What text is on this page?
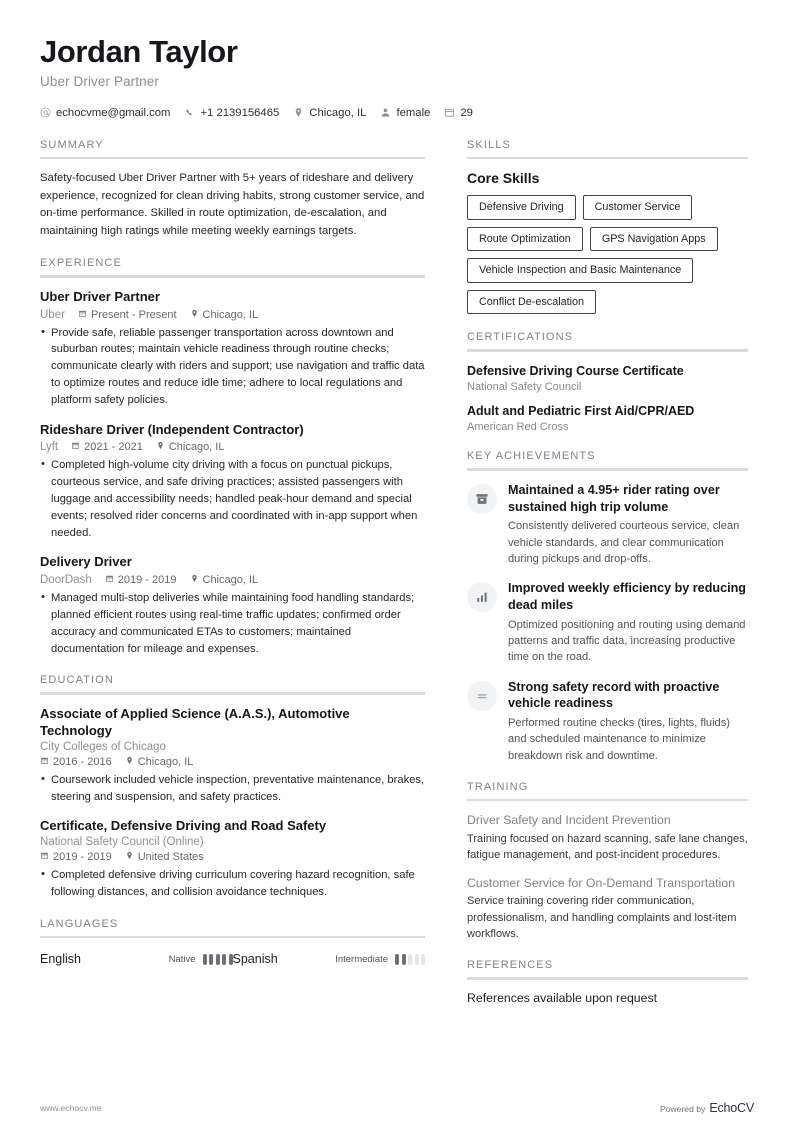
Jordan Taylor
Uber Driver Partner
echocvme@gmail.com	+1 2139156465	Chicago, IL	female	29
SUMMARY
Safety-focused Uber Driver Partner with 5+ years of rideshare and delivery experience, recognized for clean driving habits, strong customer service, and on-time performance. Skilled in route optimization, de-escalation, and maintaining high ratings while meeting weekly earnings targets.
EXPERIENCE
Uber Driver Partner
Uber Present - Present Chicago, IL
• Provide safe, reliable passenger transportation across downtown and suburban routes; maintain vehicle readiness through routine checks; communicate clearly with riders and support; use navigation and traffic data to optimize routes and reduce idle time; adhere to local regulations and platform safety policies.
Rideshare Driver (Independent Contractor)
Lyft 2021 - 2021 Chicago, IL
• Completed high-volume city driving with a focus on punctual pickups, courteous service, and safe driving practices; assisted passengers with luggage and accessibility needs; handled peak-hour demand and special events; resolved rider concerns and coordinated with in-app support when needed.
Delivery Driver
DoorDash 2019 - 2019 Chicago, IL
• Managed multi-stop deliveries while maintaining food handling standards; planned efficient routes using real-time traffic updates; confirmed order accuracy and communicated ETAs to customers; maintained documentation for mileage and expenses.
EDUCATION
Associate of Applied Science (A.A.S.), Automotive Technology
City Colleges of Chicago
2016 - 2016 Chicago, IL
• Coursework included vehicle inspection, preventative maintenance, brakes, steering and suspension, and safety practices.
Certificate, Defensive Driving and Road Safety
National Safety Council (Online)
2019 - 2019 United States
• Completed defensive driving curriculum covering hazard recognition, safe following distances, and collision avoidance techniques.
LANGUAGES
English	Native	Spanish	Intermediate
SKILLS
Core Skills
Defensive Driving	Customer Service
Route Optimization	GPS Navigation Apps
Vehicle Inspection and Basic Maintenance
Conflict De-escalation
CERTIFICATIONS
Defensive Driving Course Certificate
National Safety Council
Adult and Pediatric First Aid/CPR/AED
American Red Cross
KEY ACHIEVEMENTS
Maintained a 4.95+ rider rating over sustained high trip volume
Consistently delivered courteous service, clean vehicle standards, and clear communication during pickups and drop-offs.
Improved weekly efficiency by reducing dead miles
Optimized positioning and routing using demand patterns and traffic data, increasing productive time on the road.
Strong safety record with proactive vehicle readiness
Performed routine checks (tires, lights, fluids) and scheduled maintenance to minimize breakdown risk and downtime.
TRAINING
Driver Safety and Incident Prevention
Training focused on hazard scanning, safe lane changes, fatigue management, and post-incident procedures.
Customer Service for On-Demand Transportation
Service training covering rider communication, professionalism, and handling complaints and lost-item workflows.
REFERENCES
References available upon request
www.echocv.me	Powered by EchoCV
